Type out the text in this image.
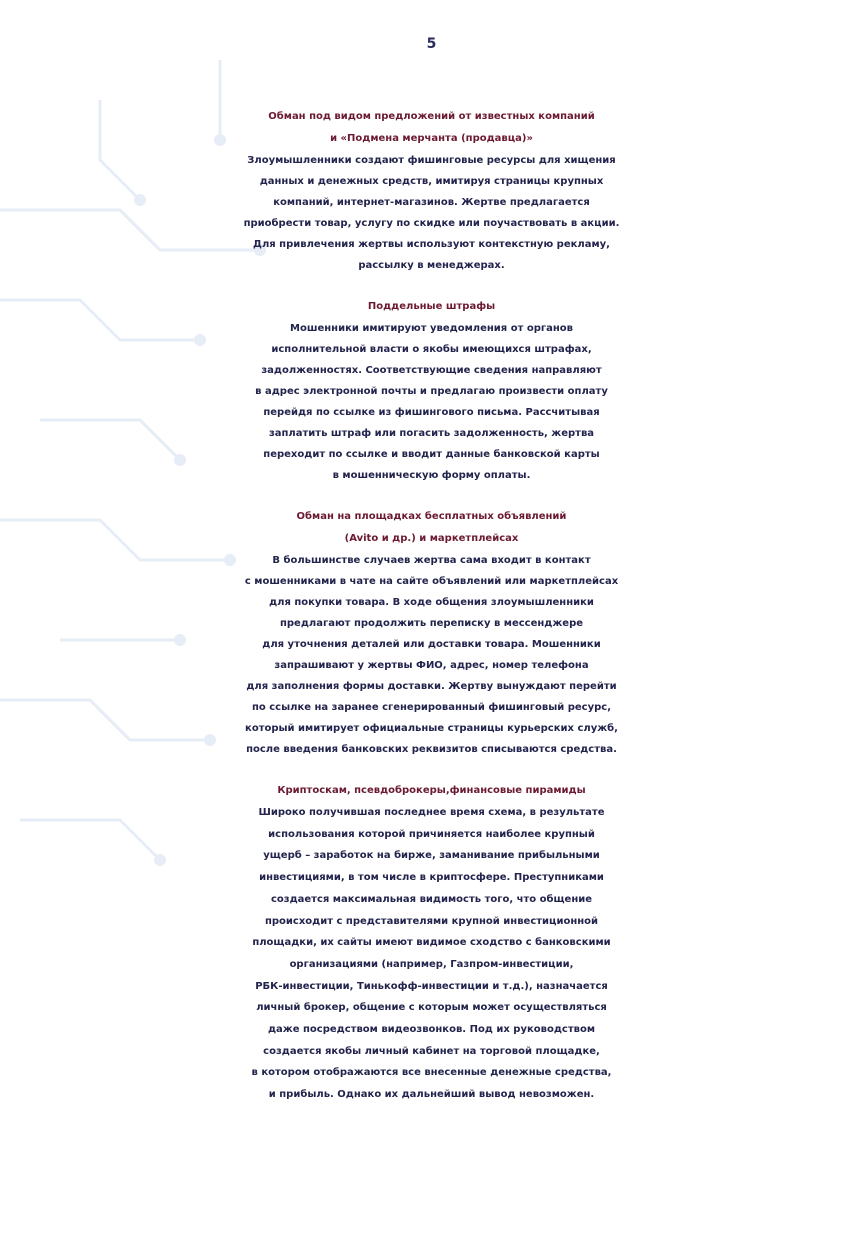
5
Обман под видом предложений от известных компаний
и «Подмена мерчанта (продавца)»

Злоумышленники создают фишинговые ресурсы для хищения
данных и денежных средств, имитируя страницы крупных
компаний, интернет-магазинов. Жертве предлагается
приобрести товар, услугу по скидке или поучаствовать в акции.
Для привлечения жертвы используют контекстную рекламу,
рассылку в менеджерах.

Поддельные штрафы

Мошенники имитируют уведомления от органов
исполнительной власти о якобы имеющихся штрафах,
задолженностях. Соответствующие сведения направляют
в адрес электронной почты и предлагаю произвести оплату
перейдя по ссылке из фишингового письма. Рассчитывая
заплатить штраф или погасить задолженность, жертва
переходит по ссылке и вводит данные банковской карты
в мошенническую форму оплаты.

Обман на площадках бесплатных объявлений
(Avito и др.) и маркетплейсах

В большинстве случаев жертва сама входит в контакт
с мошенниками в чате на сайте объявлений или маркетплейсах
для покупки товара. В ходе общения злоумышленники
предлагают продолжить переписку в мессенджере
для уточнения деталей или доставки товара. Мошенники
запрашивают у жертвы ФИО, адрес, номер телефона
для заполнения формы доставки. Жертву вынуждают перейти
по ссылке на заранее сгенерированный фишинговый ресурс,
который имитирует официальные страницы курьерских служб,
после введения банковских реквизитов списываются средства.

Криптоскам, псевдоброкеры,финансовые пирамиды

Широко получившая последнее время схема, в результате
использования которой причиняется наиболее крупный
ущерб – заработок на бирже, заманивание прибыльными
инвестициями, в том числе в криптосфере. Преступниками
создается максимальная видимость того, что общение
происходит с представителями крупной инвестиционной
площадки, их сайты имеют видимое сходство с банковскими
организациями (например, Газпром-инвестиции,
РБК-инвестиции, Тинькофф-инвестиции и т.д.), назначается
личный брокер, общение с которым может осуществляться
даже посредством видеозвонков. Под их руководством
создается якобы личный кабинет на торговой площадке,
в котором отображаются все внесенные денежные средства,
и прибыль. Однако их дальнейший вывод невозможен.
